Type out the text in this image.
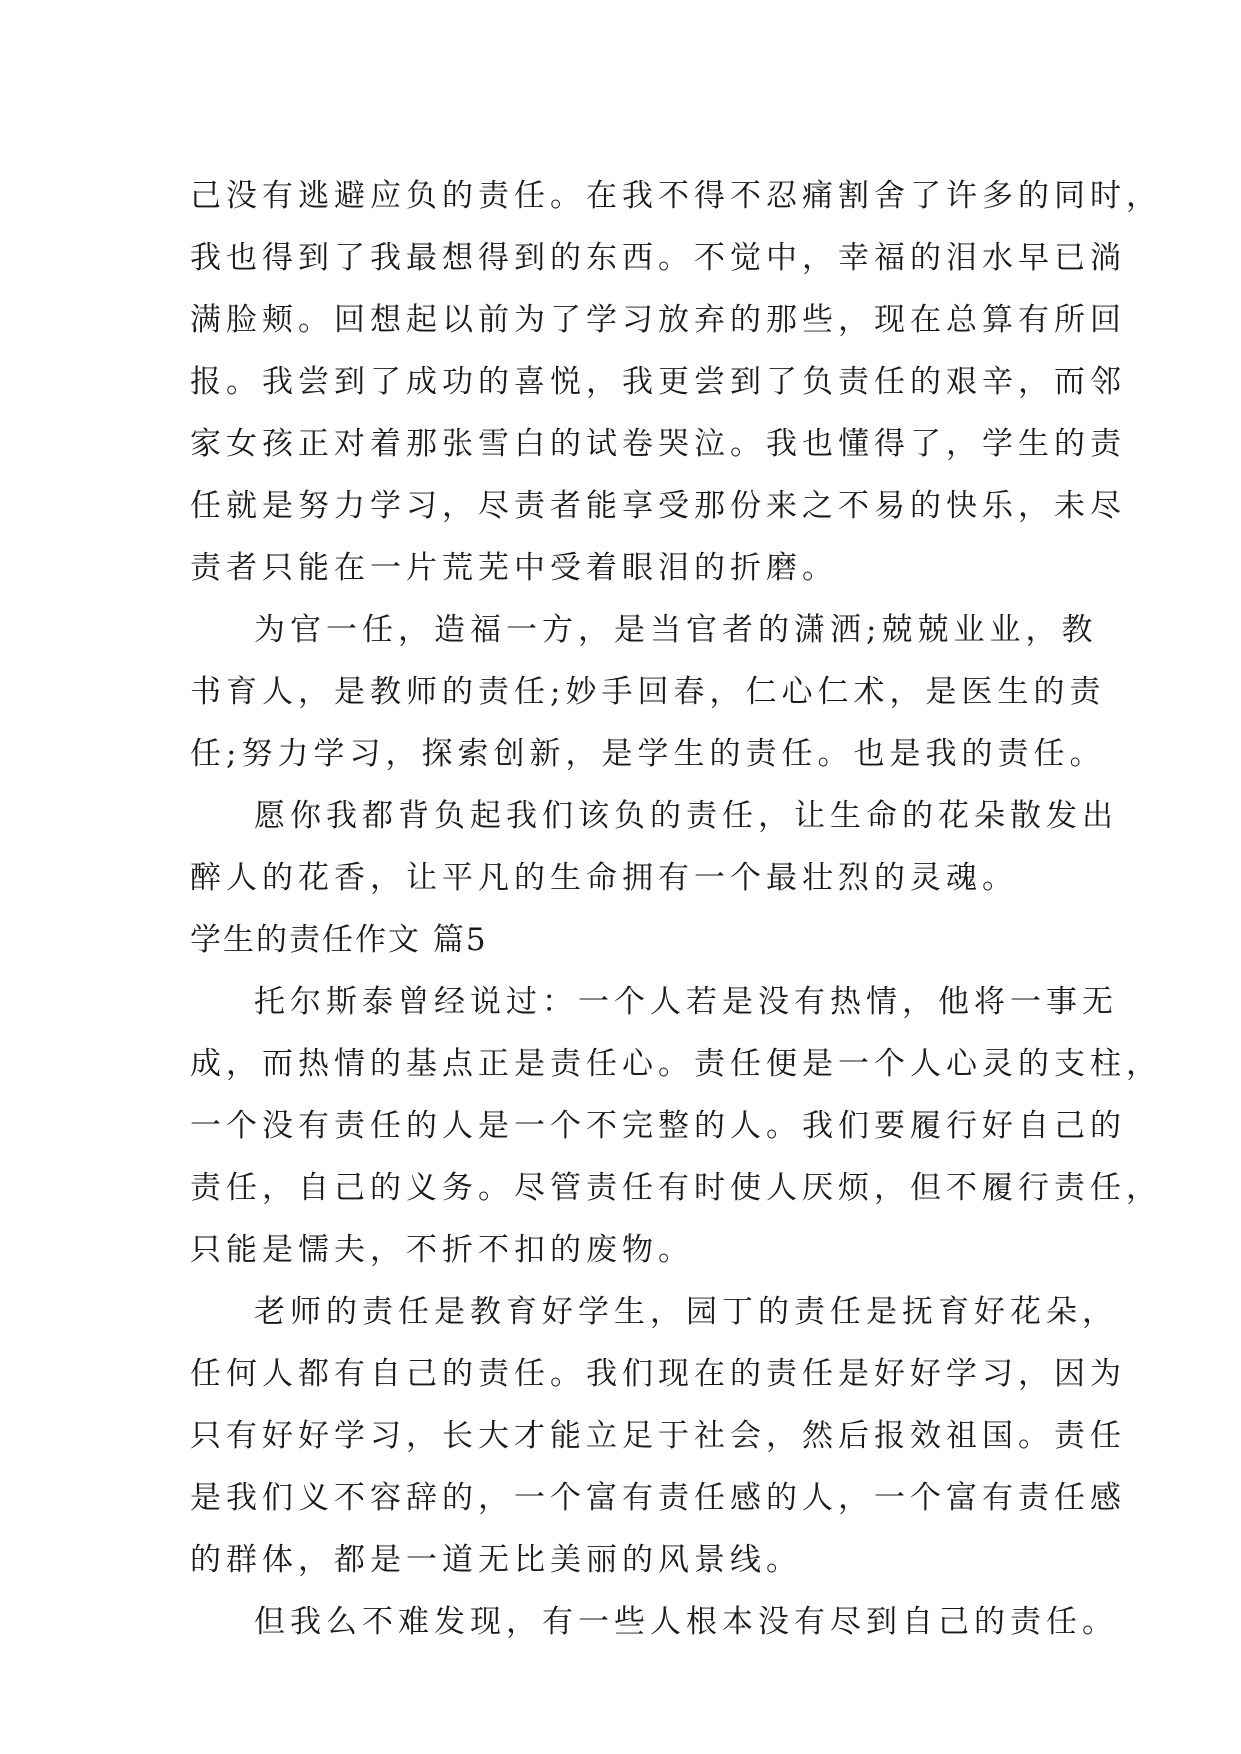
己没有逃避应负的责任。在我不得不忍痛割舍了许多的同时，
我也得到了我最想得到的东西。不觉中，幸福的泪水早已淌
满脸颊。回想起以前为了学习放弃的那些，现在总算有所回
报。我尝到了成功的喜悦，我更尝到了负责任的艰辛，而邻
家女孩正对着那张雪白的试卷哭泣。我也懂得了，学生的责
任就是努力学习，尽责者能享受那份来之不易的快乐，未尽
责者只能在一片荒芜中受着眼泪的折磨。
为官一任，造福一方，是当官者的潇洒;兢兢业业，教
书育人，是教师的责任;妙手回春，仁心仁术，是医生的责
任;努力学习，探索创新，是学生的责任。也是我的责任。
愿你我都背负起我们该负的责任，让生命的花朵散发出
醉人的花香，让平凡的生命拥有一个最壮烈的灵魂。
学生的责任作文 篇5
托尔斯泰曾经说过：一个人若是没有热情，他将一事无
成，而热情的基点正是责任心。责任便是一个人心灵的支柱，
一个没有责任的人是一个不完整的人。我们要履行好自己的
责任，自己的义务。尽管责任有时使人厌烦，但不履行责任，
只能是懦夫，不折不扣的废物。
老师的责任是教育好学生，园丁的责任是抚育好花朵，
任何人都有自己的责任。我们现在的责任是好好学习，因为
只有好好学习，长大才能立足于社会，然后报效祖国。责任
是我们义不容辞的，一个富有责任感的人，一个富有责任感
的群体，都是一道无比美丽的风景线。
但我么不难发现，有一些人根本没有尽到自己的责任。
